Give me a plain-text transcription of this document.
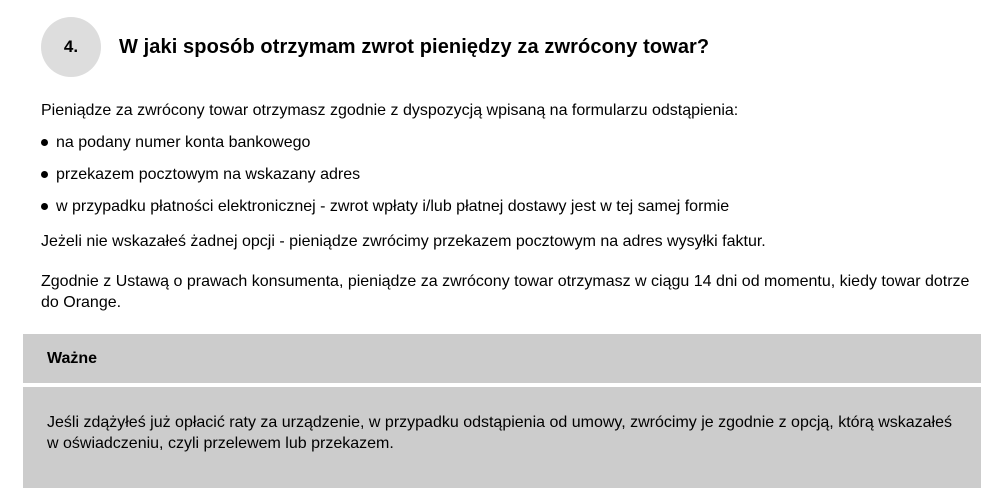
4. W jaki sposób otrzymam zwrot pieniędzy za zwrócony towar?

Pieniądze za zwrócony towar otrzymasz zgodnie z dyspozycją wpisaną na formularzu odstąpienia:

na podany numer konta bankowego
przekazem pocztowym na wskazany adres
w przypadku płatności elektronicznej - zwrot wpłaty i/lub płatnej dostawy jest w tej samej formie

Jeżeli nie wskazałeś żadnej opcji - pieniądze zwrócimy przekazem pocztowym na adres wysyłki faktur.

Zgodnie z Ustawą o prawach konsumenta, pieniądze za zwrócony towar otrzymasz w ciągu 14 dni od momentu, kiedy towar dotrze do Orange.

Ważne
Jeśli zdążyłeś już opłacić raty za urządzenie, w przypadku odstąpienia od umowy, zwrócimy je zgodnie z opcją, którą wskazałeś w oświadczeniu, czyli przelewem lub przekazem.
